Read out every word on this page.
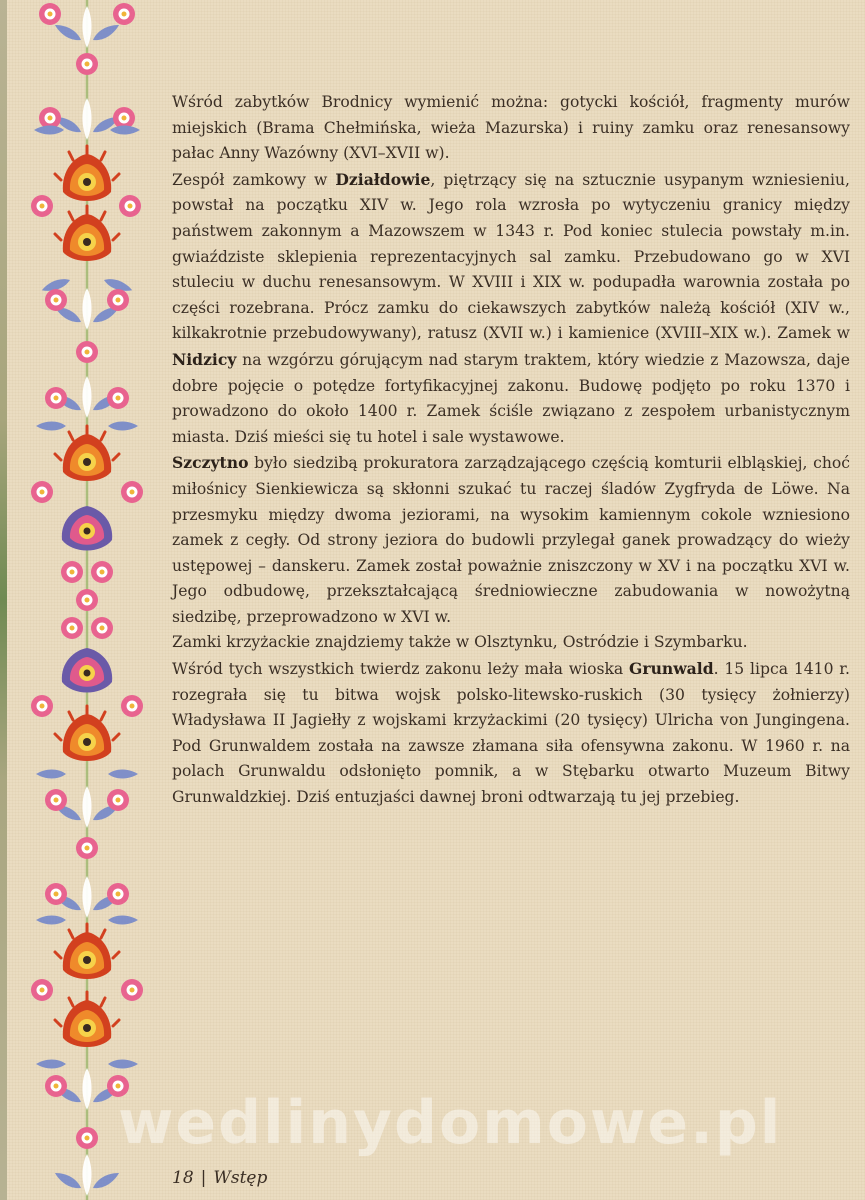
Wśród zabytków Brodnicy wymienić można: gotycki kościół, fragmenty murów miejskich (Brama Chełmińska, wieża Mazurska) i ruiny zamku oraz renesansowy pałac Anny Wazówny (XVI–XVII w).

Zespół zamkowy w Działdowie, piętrzący się na sztucznie usypanym wzniesieniu, powstał na początku XIV w. Jego rola wzrosła po wytyczeniu granicy między państwem zakonnym a Mazowszem w 1343 r. Pod koniec stulecia powstały m.in. gwiaździste sklepienia reprezentacyjnych sal zamku. Przebudowano go w XVI stuleciu w duchu renesansowym. W XVIII i XIX w. podupadła warownia została po części rozebrana. Prócz zamku do ciekawszych zabytków należą kościół (XIV w., kilkakrotnie przebudowywany), ratusz (XVII w.) i kamienice (XVIII–XIX w.). Zamek w Nidzicy na wzgórzu górującym nad starym traktem, który wiedzie z Mazowsza, daje dobre pojęcie o potędze fortyfikacyjnej zakonu. Budowę podjęto po roku 1370 i prowadzono do około 1400 r. Zamek ściśle związano z zespołem urbanistycznym miasta. Dziś mieści się tu hotel i sale wystawowe.

Szczytno było siedzibą prokuratora zarządzającego częścią komturii elbląskiej, choć miłośnicy Sienkiewicza są skłonni szukać tu raczej śladów Zygfryda de Löwe. Na przesmyku między dwoma jeziorami, na wysokim kamiennym cokole wzniesiono zamek z cegły. Od strony jeziora do budowli przylegał ganek prowadzący do wieży ustępowej – danskeru. Zamek został poważnie zniszczony w XV i na początku XVI w. Jego odbudowę, przekształcającą średniowieczne zabudowania w nowożytną siedzibę, przeprowadzono w XVI w.

Zamki krzyżackie znajdziemy także w Olsztynku, Ostródzie i Szymbarku.

Wśród tych wszystkich twierdz zakonu leży mała wioska Grunwald. 15 lipca 1410 r. rozegrała się tu bitwa wojsk polsko-litewsko-ruskich (30 tysięcy żołnierzy) Władysława II Jagiełły z wojskami krzyżackimi (20 tysięcy) Ulricha von Jungingena. Pod Grunwaldem została na zawsze złamana siła ofensywna zakonu. W 1960 r. na polach Grunwaldu odsłonięto pomnik, a w Stębarku otwarto Muzeum Bitwy Grunwaldzkiej. Dziś entuzjaści dawnej broni odtwarzają tu jej przebieg.

wedlinydomowe.pl
18 | Wstęp
